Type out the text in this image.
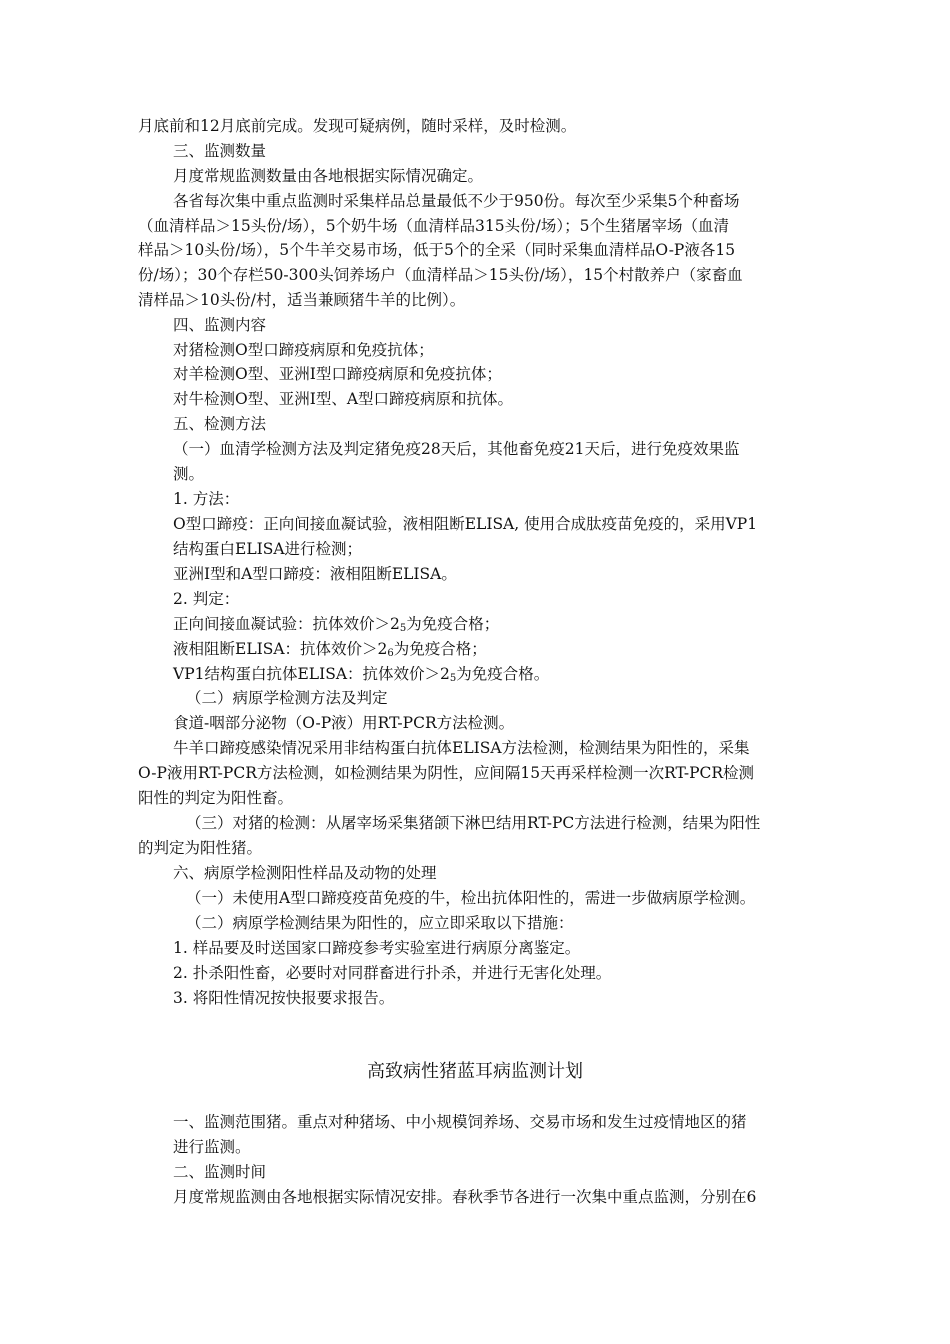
月底前和12月底前完成。发现可疑病例，随时采样，及时检测。
三、监测数量
月度常规监测数量由各地根据实际情况确定。
各省每次集中重点监测时采集样品总量最低不少于950份。每次至少采集5个种畜场
（血清样品＞15头份/场），5个奶牛场（血清样品315头份/场）；5个生猪屠宰场（血清
样品＞10头份/场），5个牛羊交易市场，低于5个的全采（同时采集血清样品O-P液各15
份/场）；30个存栏50-300头饲养场户（血清样品＞15头份/场），15个村散养户（家畜血
清样品＞10头份/村，适当兼顾猪牛羊的比例）。
四、监测内容
对猪检测O型口蹄疫病原和免疫抗体；
对羊检测O型、亚洲Ⅰ型口蹄疫病原和免疫抗体；
对牛检测O型、亚洲Ⅰ型、A型口蹄疫病原和抗体。
五、检测方法
（一）血清学检测方法及判定猪免疫28天后，其他畜免疫21天后，进行免疫效果监
测。
1. 方法：
O型口蹄疫：正向间接血凝试验，液相阻断ELISA, 使用合成肽疫苗免疫的，采用VP1
结构蛋白ELISA进行检测；
亚洲Ⅰ型和A型口蹄疫：液相阻断ELISA。
2. 判定：
正向间接血凝试验：抗体效价＞25为免疫合格；
液相阻断ELISA：抗体效价＞26为免疫合格；
VP1结构蛋白抗体ELISA：抗体效价＞25为免疫合格。
（二）病原学检测方法及判定
食道-咽部分泌物（O-P液）用RT-PCR方法检测。
牛羊口蹄疫感染情况采用非结构蛋白抗体ELISA方法检测，检测结果为阳性的，采集
O-P液用RT-PCR方法检测，如检测结果为阴性，应间隔15天再采样检测一次RT-PCR检测
阳性的判定为阳性畜。
（三）对猪的检测：从屠宰场采集猪颌下淋巴结用RT-PC方法进行检测，结果为阳性
的判定为阳性猪。
六、病原学检测阳性样品及动物的处理
（一）未使用A型口蹄疫疫苗免疫的牛，检出抗体阳性的，需进一步做病原学检测。
（二）病原学检测结果为阳性的，应立即采取以下措施：
1. 样品要及时送国家口蹄疫参考实验室进行病原分离鉴定。
2. 扑杀阳性畜，必要时对同群畜进行扑杀，并进行无害化处理。
3. 将阳性情况按快报要求报告。
高致病性猪蓝耳病监测计划
一、监测范围猪。重点对种猪场、中小规模饲养场、交易市场和发生过疫情地区的猪
进行监测。
二、监测时间
月度常规监测由各地根据实际情况安排。春秋季节各进行一次集中重点监测，分别在6
